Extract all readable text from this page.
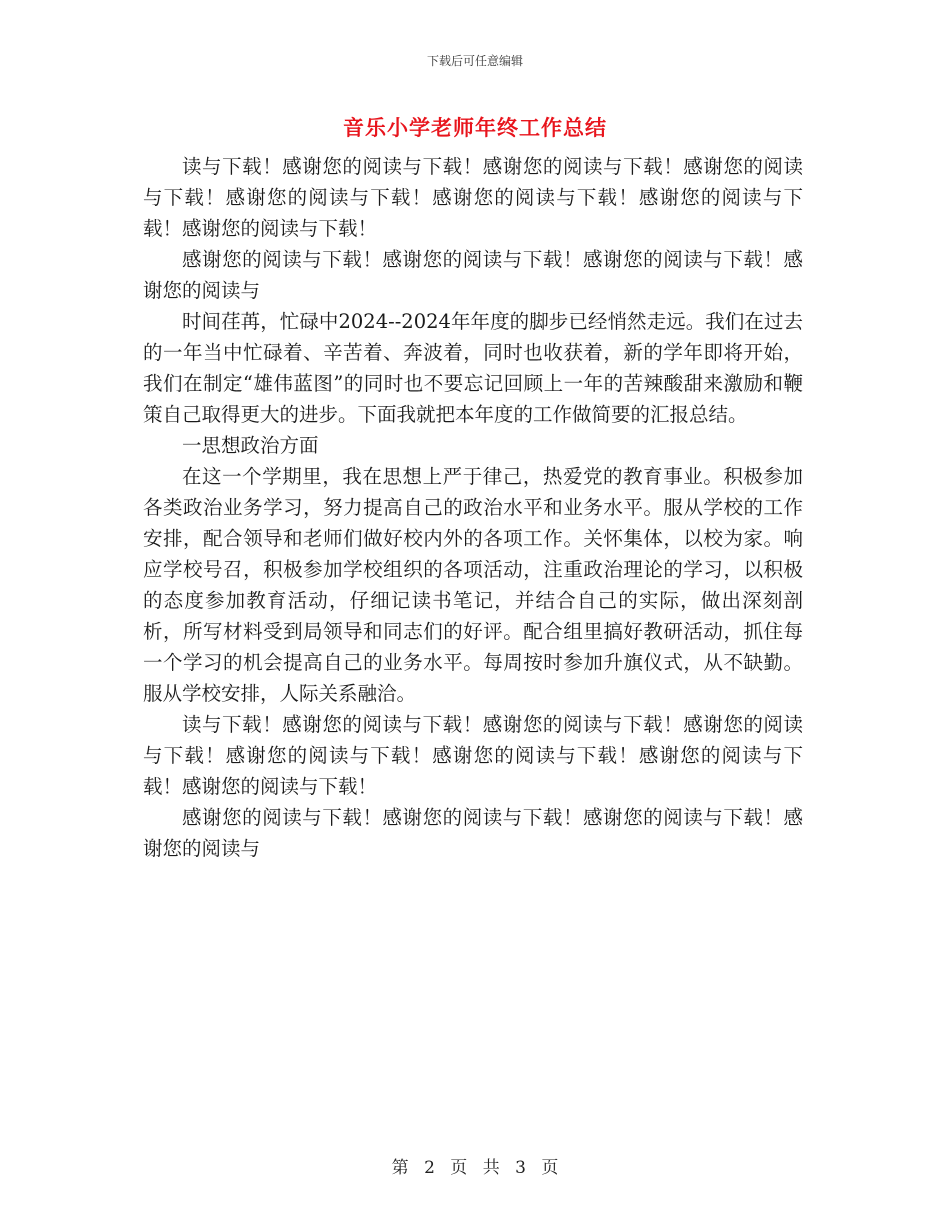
下载后可任意编辑
音乐小学老师年终工作总结

读与下载！感谢您的阅读与下载！感谢您的阅读与下载！感谢您的阅读与下载！感谢您的阅读与下载！感谢您的阅读与下载！感谢您的阅读与下载！感谢您的阅读与下载！

感谢您的阅读与下载！感谢您的阅读与下载！感谢您的阅读与下载！感谢您的阅读与

时间荏苒，忙碌中2024--2024年年度的脚步已经悄然走远。我们在过去的一年当中忙碌着、辛苦着、奔波着，同时也收获着，新的学年即将开始，我们在制定“雄伟蓝图”的同时也不要忘记回顾上一年的苦辣酸甜来激励和鞭策自己取得更大的进步。下面我就把本年度的工作做简要的汇报总结。

一思想政治方面

在这一个学期里，我在思想上严于律己，热爱党的教育事业。积极参加各类政治业务学习，努力提高自己的政治水平和业务水平。服从学校的工作安排，配合领导和老师们做好校内外的各项工作。关怀集体，以校为家。响应学校号召，积极参加学校组织的各项活动，注重政治理论的学习，以积极的态度参加教育活动，仔细记读书笔记，并结合自己的实际，做出深刻剖析，所写材料受到局领导和同志们的好评。配合组里搞好教研活动，抓住每一个学习的机会提高自己的业务水平。每周按时参加升旗仪式，从不缺勤。服从学校安排，人际关系融洽。

读与下载！感谢您的阅读与下载！感谢您的阅读与下载！感谢您的阅读与下载！感谢您的阅读与下载！感谢您的阅读与下载！感谢您的阅读与下载！感谢您的阅读与下载！

感谢您的阅读与下载！感谢您的阅读与下载！感谢您的阅读与下载！感谢您的阅读与

第 2 页 共 3 页
